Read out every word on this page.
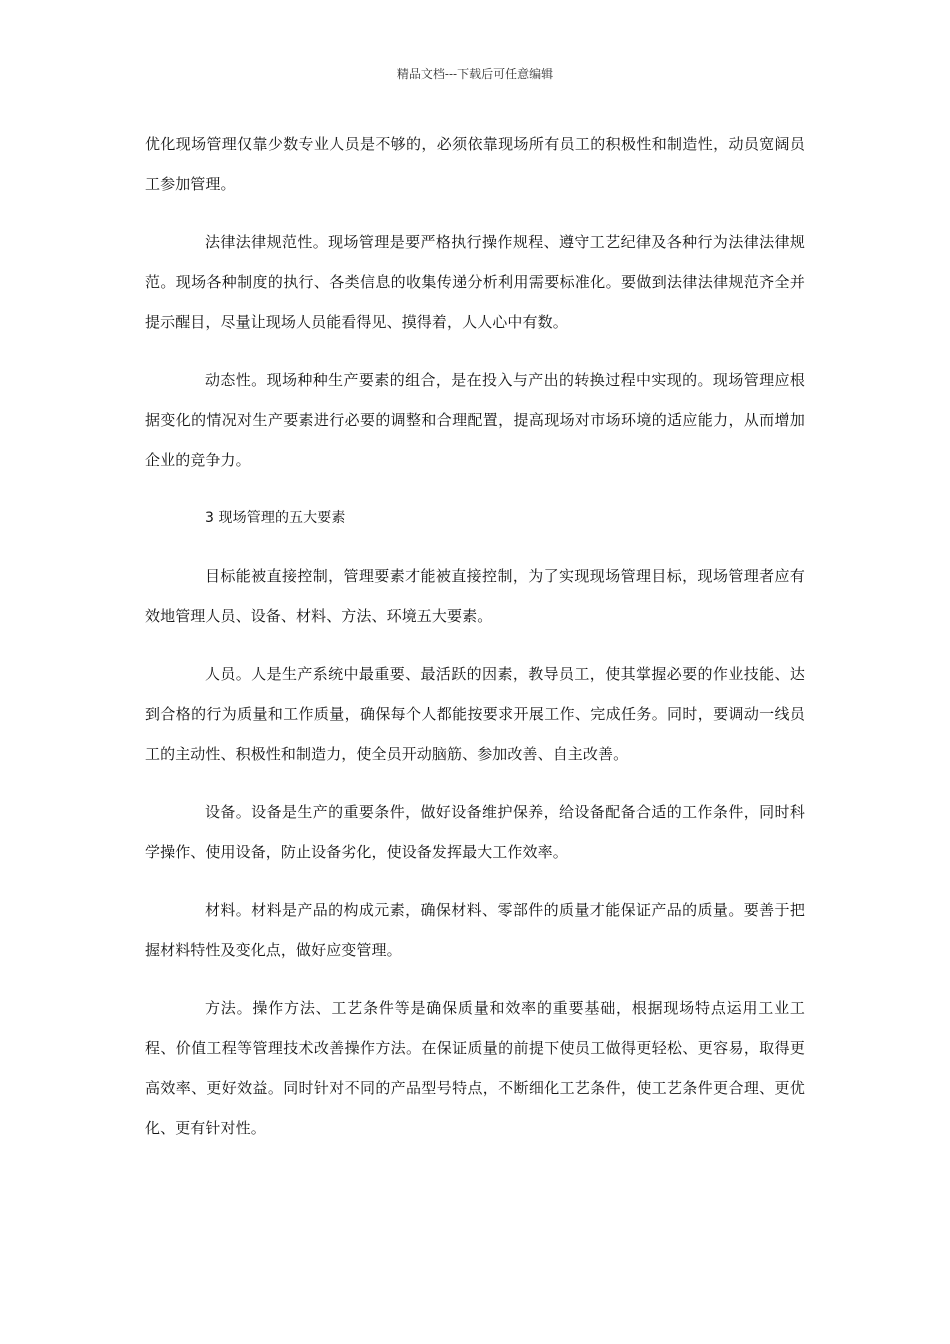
精品文档---下载后可任意编辑

优化现场管理仅靠少数专业人员是不够的，必须依靠现场所有员工的积极性和制造性，动员宽阔员工参加管理。

法律法律规范性。现场管理是要严格执行操作规程、遵守工艺纪律及各种行为法律法律规范。现场各种制度的执行、各类信息的收集传递分析利用需要标准化。要做到法律法律规范齐全并提示醒目，尽量让现场人员能看得见、摸得着，人人心中有数。

动态性。现场种种生产要素的组合，是在投入与产出的转换过程中实现的。现场管理应根据变化的情况对生产要素进行必要的调整和合理配置，提高现场对市场环境的适应能力，从而增加企业的竞争力。

3 现场管理的五大要素

目标能被直接控制，管理要素才能被直接控制，为了实现现场管理目标，现场管理者应有效地管理人员、设备、材料、方法、环境五大要素。

人员。人是生产系统中最重要、最活跃的因素，教导员工，使其掌握必要的作业技能、达到合格的行为质量和工作质量，确保每个人都能按要求开展工作、完成任务。同时，要调动一线员工的主动性、积极性和制造力，使全员开动脑筋、参加改善、自主改善。

设备。设备是生产的重要条件，做好设备维护保养，给设备配备合适的工作条件，同时科学操作、使用设备，防止设备劣化，使设备发挥最大工作效率。

材料。材料是产品的构成元素，确保材料、零部件的质量才能保证产品的质量。要善于把握材料特性及变化点，做好应变管理。

方法。操作方法、工艺条件等是确保质量和效率的重要基础，根据现场特点运用工业工程、价值工程等管理技术改善操作方法。在保证质量的前提下使员工做得更轻松、更容易，取得更高效率、更好效益。同时针对不同的产品型号特点，不断细化工艺条件，使工艺条件更合理、更优化、更有针对性。
